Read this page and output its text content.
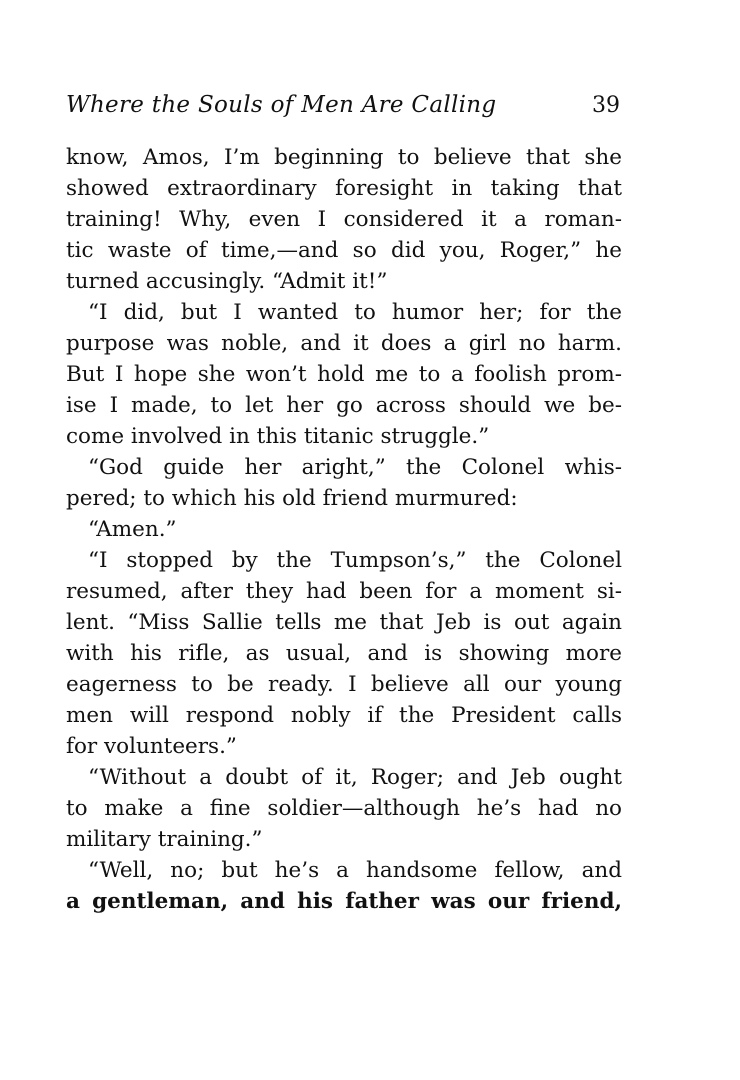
Where the Souls of Men Are Calling	39
know, Amos, I’m beginning to believe that she
showed extraordinary foresight in taking that
training! Why, even I considered it a roman-
tic waste of time,—and so did you, Roger,” he
turned accusingly. “Admit it!”
“I did, but I wanted to humor her; for the
purpose was noble, and it does a girl no harm.
But I hope she won’t hold me to a foolish prom-
ise I made, to let her go across should we be-
come involved in this titanic struggle.”
“God guide her aright,” the Colonel whis-
pered; to which his old friend murmured:
“Amen.”
“I stopped by the Tumpson’s,” the Colonel
resumed, after they had been for a moment si-
lent. “Miss Sallie tells me that Jeb is out again
with his rifle, as usual, and is showing more
eagerness to be ready. I believe all our young
men will respond nobly if the President calls
for volunteers.”
“Without a doubt of it, Roger; and Jeb ought
to make a fine soldier—although he’s had no
military training.”
“Well, no; but he’s a handsome fellow, and
a gentleman, and his father was our friend,
